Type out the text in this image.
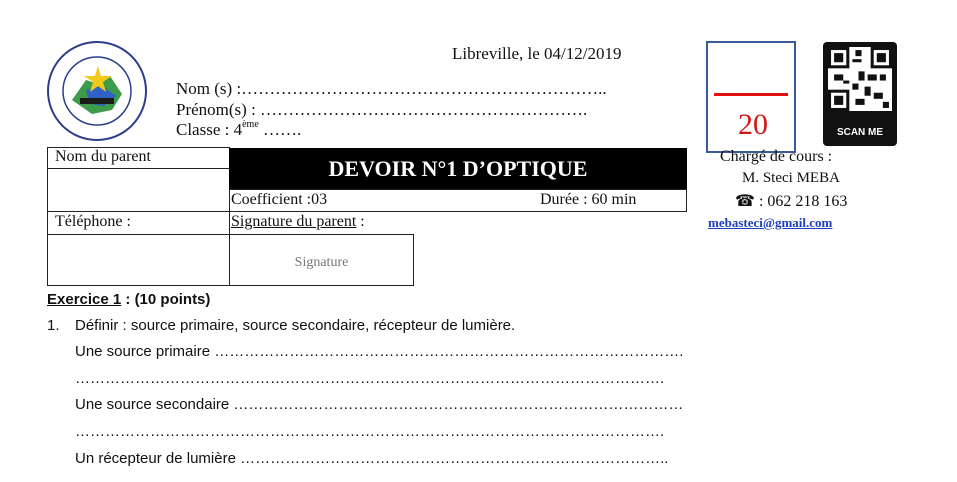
Libreville, le 04/12/2019
Nom (s) :………………………………………………………..
Prénom(s) : ………………………………………………….
Classe : 4ème …….	20	SCAN ME
Nom du parent	DEVOIR N°1 D’OPTIQUE
Coefficient :03	Durée : 60 min
Téléphone :	Signature du parent :
Signature
Chargé de cours :
M. Steci MEBA
☎ : 062 218 163
mebasteci@gmail.com
Exercice 1 : (10 points)
1. Définir : source primaire, source secondaire, récepteur de lumière.
Une source primaire ………………………………………………………………………………….
……………………………………………………………………………………………………….
Une source secondaire ………………………………………………………………………………
……………………………………………………………………………………………………….
Un récepteur de lumière …………………………………………………………………………..
